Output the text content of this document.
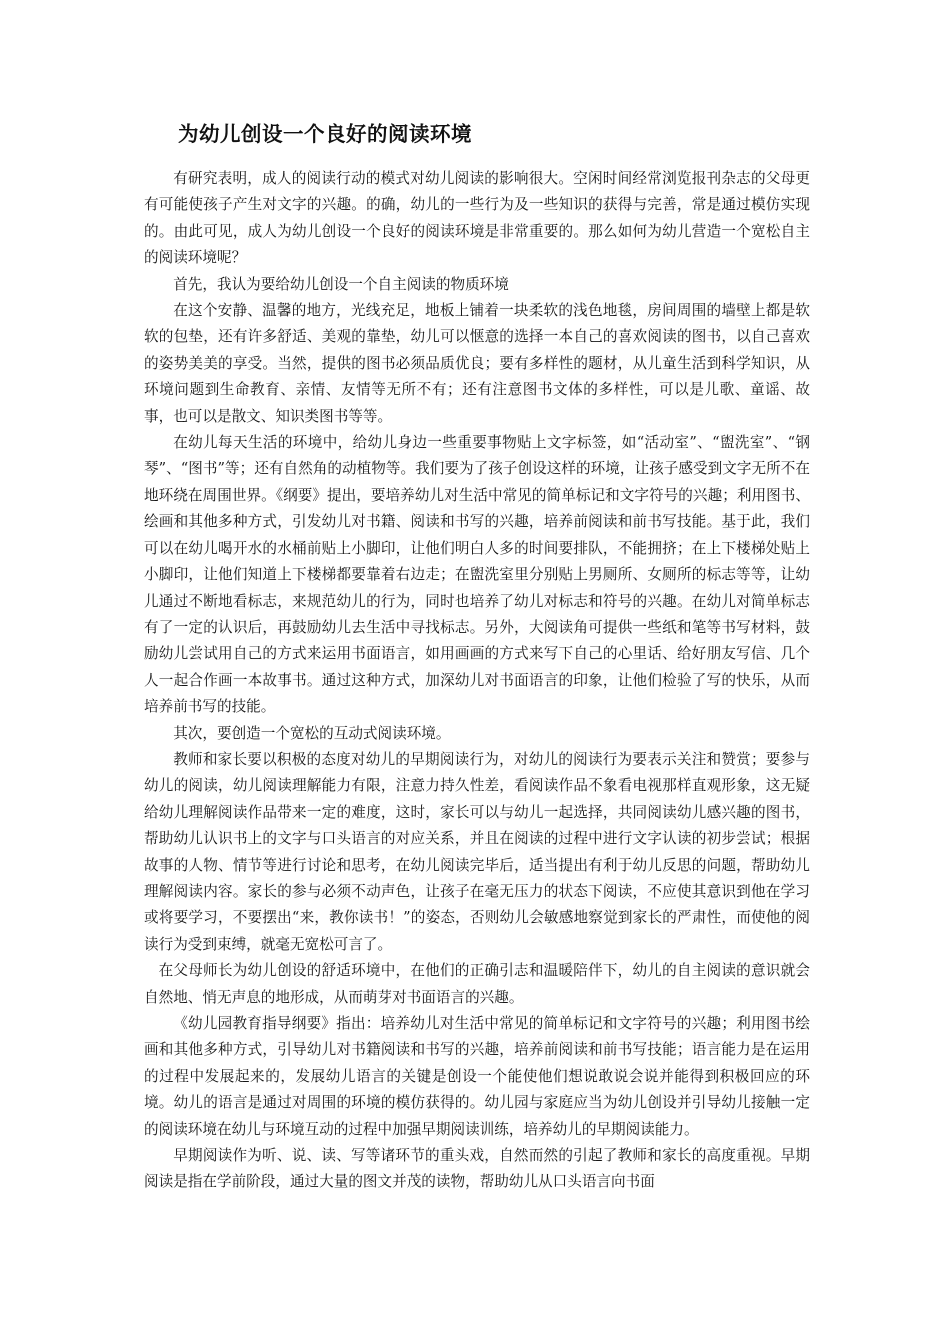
为幼儿创设一个良好的阅读环境

有研究表明，成人的阅读行动的模式对幼儿阅读的影响很大。空闲时间经常浏览报刊杂志的父母更有可能使孩子产生对文字的兴趣。的确，幼儿的一些行为及一些知识的获得与完善，常是通过模仿实现的。由此可见，成人为幼儿创设一个良好的阅读环境是非常重要的。那么如何为幼儿营造一个宽松自主的阅读环境呢？

首先，我认为要给幼儿创设一个自主阅读的物质环境

在这个安静、温馨的地方，光线充足，地板上铺着一块柔软的浅色地毯，房间周围的墙壁上都是软软的包垫，还有许多舒适、美观的靠垫，幼儿可以惬意的选择一本自己的喜欢阅读的图书，以自己喜欢的姿势美美的享受。当然，提供的图书必须品质优良；要有多样性的题材，从儿童生活到科学知识，从环境问题到生命教育、亲情、友情等无所不有；还有注意图书文体的多样性，可以是儿歌、童谣、故事，也可以是散文、知识类图书等等。

在幼儿每天生活的环境中，给幼儿身边一些重要事物贴上文字标签，如“活动室”、“盥洗室”、“钢琴”、“图书”等；还有自然角的动植物等。我们要为了孩子创设这样的环境，让孩子感受到文字无所不在地环绕在周围世界。《纲要》提出，要培养幼儿对生活中常见的简单标记和文字符号的兴趣；利用图书、绘画和其他多种方式，引发幼儿对书籍、阅读和书写的兴趣，培养前阅读和前书写技能。基于此，我们可以在幼儿喝开水的水桶前贴上小脚印，让他们明白人多的时间要排队，不能拥挤；在上下楼梯处贴上小脚印，让他们知道上下楼梯都要靠着右边走；在盥洗室里分别贴上男厕所、女厕所的标志等等，让幼儿通过不断地看标志，来规范幼儿的行为，同时也培养了幼儿对标志和符号的兴趣。在幼儿对简单标志有了一定的认识后，再鼓励幼儿去生活中寻找标志。另外，大阅读角可提供一些纸和笔等书写材料，鼓励幼儿尝试用自己的方式来运用书面语言，如用画画的方式来写下自己的心里话、给好朋友写信、几个人一起合作画一本故事书。通过这种方式，加深幼儿对书面语言的印象，让他们检验了写的快乐，从而培养前书写的技能。

其次，要创造一个宽松的互动式阅读环境。

教师和家长要以积极的态度对幼儿的早期阅读行为，对幼儿的阅读行为要表示关注和赞赏；要参与幼儿的阅读，幼儿阅读理解能力有限，注意力持久性差，看阅读作品不象看电视那样直观形象，这无疑给幼儿理解阅读作品带来一定的难度，这时，家长可以与幼儿一起选择，共同阅读幼儿感兴趣的图书，帮助幼儿认识书上的文字与口头语言的对应关系，并且在阅读的过程中进行文字认读的初步尝试；根据故事的人物、情节等进行讨论和思考，在幼儿阅读完毕后，适当提出有利于幼儿反思的问题，帮助幼儿理解阅读内容。家长的参与必须不动声色，让孩子在毫无压力的状态下阅读，不应使其意识到他在学习或将要学习，不要摆出“来，教你读书！”的姿态，否则幼儿会敏感地察觉到家长的严肃性，而使他的阅读行为受到束缚，就毫无宽松可言了。

在父母师长为幼儿创设的舒适环境中，在他们的正确引志和温暖陪伴下，幼儿的自主阅读的意识就会自然地、悄无声息的地形成，从而萌芽对书面语言的兴趣。

《幼儿园教育指导纲要》指出：培养幼儿对生活中常见的简单标记和文字符号的兴趣；利用图书绘画和其他多种方式，引导幼儿对书籍阅读和书写的兴趣，培养前阅读和前书写技能；语言能力是在运用的过程中发展起来的，发展幼儿语言的关键是创设一个能使他们想说敢说会说并能得到积极回应的环境。幼儿的语言是通过对周围的环境的模仿获得的。幼儿园与家庭应当为幼儿创设并引导幼儿接触一定的阅读环境在幼儿与环境互动的过程中加强早期阅读训练，培养幼儿的早期阅读能力。

早期阅读作为听、说、读、写等诸环节的重头戏，自然而然的引起了教师和家长的高度重视。早期阅读是指在学前阶段，通过大量的图文并茂的读物，帮助幼儿从口头语言向书面
